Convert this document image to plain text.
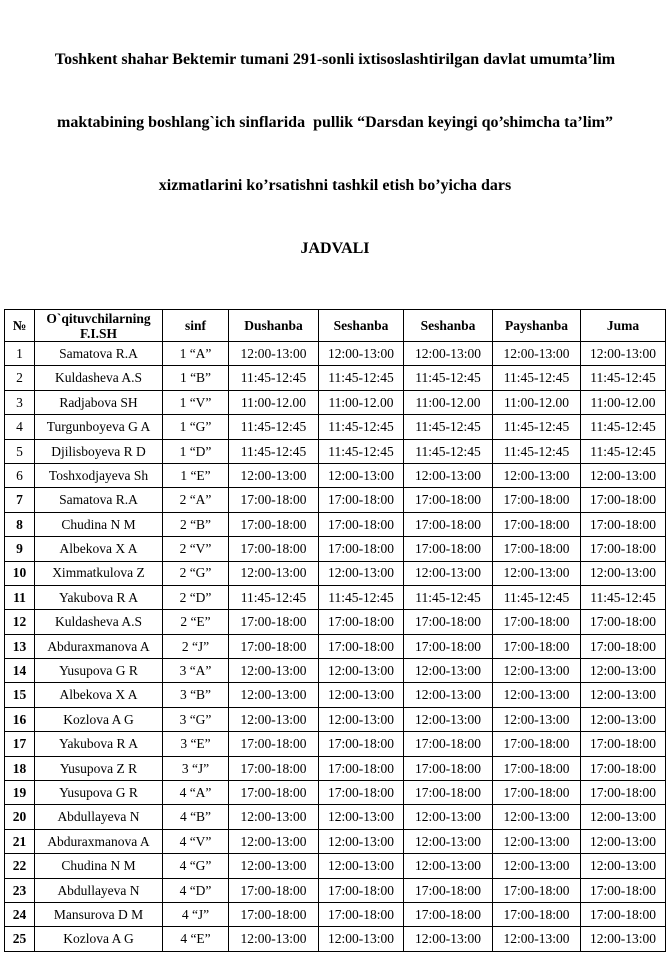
Toshkent shahar Bektemir tumani 291-sonli ixtisoslashtirilgan davlat umumta’lim

maktabining boshlang`ich sinflarida  pullik “Darsdan keyingi qo’shimcha ta’lim”

xizmatlarini ko’rsatishni tashkil etish bo’yicha dars

JADVALI

№	O`qituvchilarning F.I.SH	sinf	Dushanba	Seshanba	Seshanba	Payshanba	Juma
1	Samatova R.A	1 “A”	12:00-13:00	12:00-13:00	12:00-13:00	12:00-13:00	12:00-13:00
2	Kuldasheva A.S	1 “B”	11:45-12:45	11:45-12:45	11:45-12:45	11:45-12:45	11:45-12:45
3	Radjabova SH	1 “V”	11:00-12.00	11:00-12.00	11:00-12.00	11:00-12.00	11:00-12.00
4	Turgunboyeva G A	1 “G”	11:45-12:45	11:45-12:45	11:45-12:45	11:45-12:45	11:45-12:45
5	Djilisboyeva R D	1 “D”	11:45-12:45	11:45-12:45	11:45-12:45	11:45-12:45	11:45-12:45
6	Toshxodjayeva Sh	1 “E”	12:00-13:00	12:00-13:00	12:00-13:00	12:00-13:00	12:00-13:00
7	Samatova R.A	2 “A”	17:00-18:00	17:00-18:00	17:00-18:00	17:00-18:00	17:00-18:00
8	Chudina N M	2 “B”	17:00-18:00	17:00-18:00	17:00-18:00	17:00-18:00	17:00-18:00
9	Albekova X A	2 “V”	17:00-18:00	17:00-18:00	17:00-18:00	17:00-18:00	17:00-18:00
10	Ximmatkulova Z	2 “G”	12:00-13:00	12:00-13:00	12:00-13:00	12:00-13:00	12:00-13:00
11	Yakubova R A	2 “D”	11:45-12:45	11:45-12:45	11:45-12:45	11:45-12:45	11:45-12:45
12	Kuldasheva A.S	2 “E”	17:00-18:00	17:00-18:00	17:00-18:00	17:00-18:00	17:00-18:00
13	Abduraxmanova A	2 “J”	17:00-18:00	17:00-18:00	17:00-18:00	17:00-18:00	17:00-18:00
14	Yusupova G R	3 “A”	12:00-13:00	12:00-13:00	12:00-13:00	12:00-13:00	12:00-13:00
15	Albekova X A	3 “B”	12:00-13:00	12:00-13:00	12:00-13:00	12:00-13:00	12:00-13:00
16	Kozlova A G	3 “G”	12:00-13:00	12:00-13:00	12:00-13:00	12:00-13:00	12:00-13:00
17	Yakubova R A	3 “E”	17:00-18:00	17:00-18:00	17:00-18:00	17:00-18:00	17:00-18:00
18	Yusupova Z R	3 “J”	17:00-18:00	17:00-18:00	17:00-18:00	17:00-18:00	17:00-18:00
19	Yusupova G R	4 “A”	17:00-18:00	17:00-18:00	17:00-18:00	17:00-18:00	17:00-18:00
20	Abdullayeva N	4 “B”	12:00-13:00	12:00-13:00	12:00-13:00	12:00-13:00	12:00-13:00
21	Abduraxmanova A	4 “V”	12:00-13:00	12:00-13:00	12:00-13:00	12:00-13:00	12:00-13:00
22	Chudina N M	4 “G”	12:00-13:00	12:00-13:00	12:00-13:00	12:00-13:00	12:00-13:00
23	Abdullayeva N	4 “D”	17:00-18:00	17:00-18:00	17:00-18:00	17:00-18:00	17:00-18:00
24	Mansurova D M	4 “J”	17:00-18:00	17:00-18:00	17:00-18:00	17:00-18:00	17:00-18:00
25	Kozlova A G	4 “E”	12:00-13:00	12:00-13:00	12:00-13:00	12:00-13:00	12:00-13:00
